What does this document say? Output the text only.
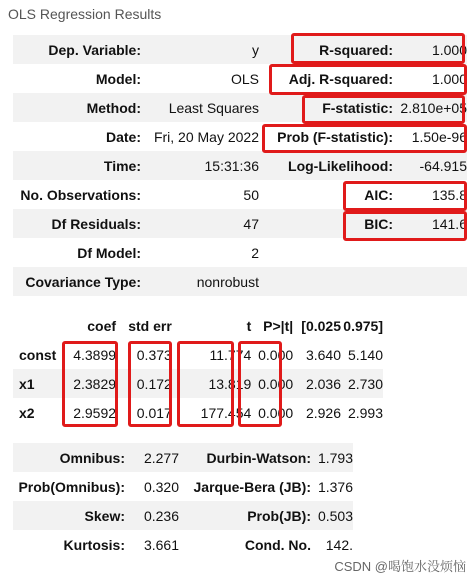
OLS Regression Results
Dep. Variable:	y	R-squared:	1.000
Model:	OLS	Adj. R-squared:	1.000
Method:	Least Squares	F-statistic:	2.810e+05
Date:	Fri, 20 May 2022	Prob (F-statistic):	1.50e-96
Time:	15:31:36	Log-Likelihood:	-64.915
No. Observations:	50	AIC:	135.8
Df Residuals:	47	BIC:	141.6
Df Model:	2		
Covariance Type:	nonrobust		
	coef	std err	t	P>|t|	[0.025	0.975]
const	4.3899	0.373	11.774	0.000	3.640	5.140
x1	2.3829	0.172	13.819	0.000	2.036	2.730
x2	2.9592	0.017	177.454	0.000	2.926	2.993
Omnibus:	2.277	Durbin-Watson:	1.793
Prob(Omnibus):	0.320	Jarque-Bera (JB):	1.376
Skew:	0.236	Prob(JB):	0.503
Kurtosis:	3.661	Cond. No.	142.
CSDN @喝饱水没烦恼
